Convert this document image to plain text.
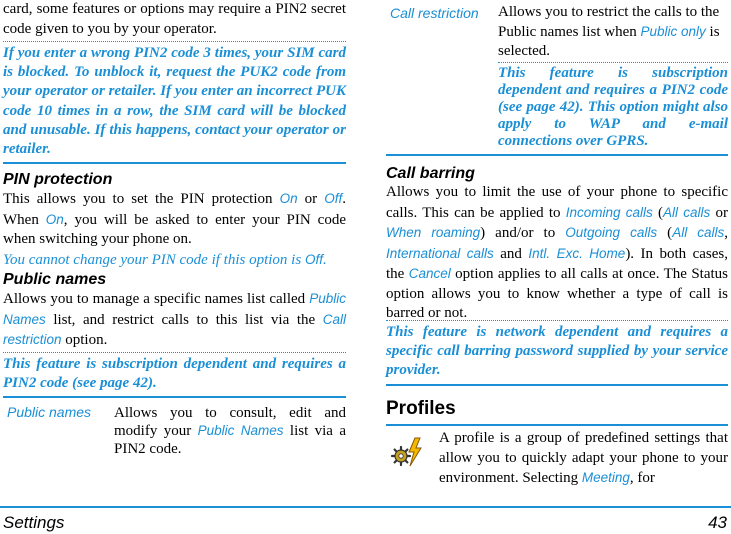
card, some features or options may require a PIN2 secret code given to you by your operator.

If you enter a wrong PIN2 code 3 times, your SIM card is blocked. To unblock it, request the PUK2 code from your operator or retailer. If you enter an incorrect PUK code 10 times in a row, the SIM card will be blocked and unusable. If this happens, contact your operator or retailer.

PIN protection

This allows you to set the PIN protection On or Off. When On, you will be asked to enter your PIN code when switching your phone on.

You cannot change your PIN code if this option is Off.

Public names

Allows you to manage a specific names list called Public Names list, and restrict calls to this list via the Call restriction option.

This feature is subscription dependent and requires a PIN2 code (see page 42).

Public names	Allows you to consult, edit and modify your Public Names list via a PIN2 code.

Call restriction Allows you to restrict the calls to the Public names list when Public only is selected.

This feature is subscription dependent and requires a PIN2 code (see page 42). This option might also apply to WAP and e-mail connections over GPRS.

Call barring

Allows you to limit the use of your phone to specific calls. This can be applied to Incoming calls (All calls or When roaming) and/or to Outgoing calls (All calls, International calls and Intl. Exc. Home). In both cases, the Cancel option applies to all calls at once. The Status option allows you to know whether a type of call is barred or not.

This feature is network dependent and requires a specific call barring password supplied by your service provider.

Profiles

A profile is a group of predefined settings that allow you to quickly adapt your phone to your environment. Selecting Meeting, for

Settings	43
